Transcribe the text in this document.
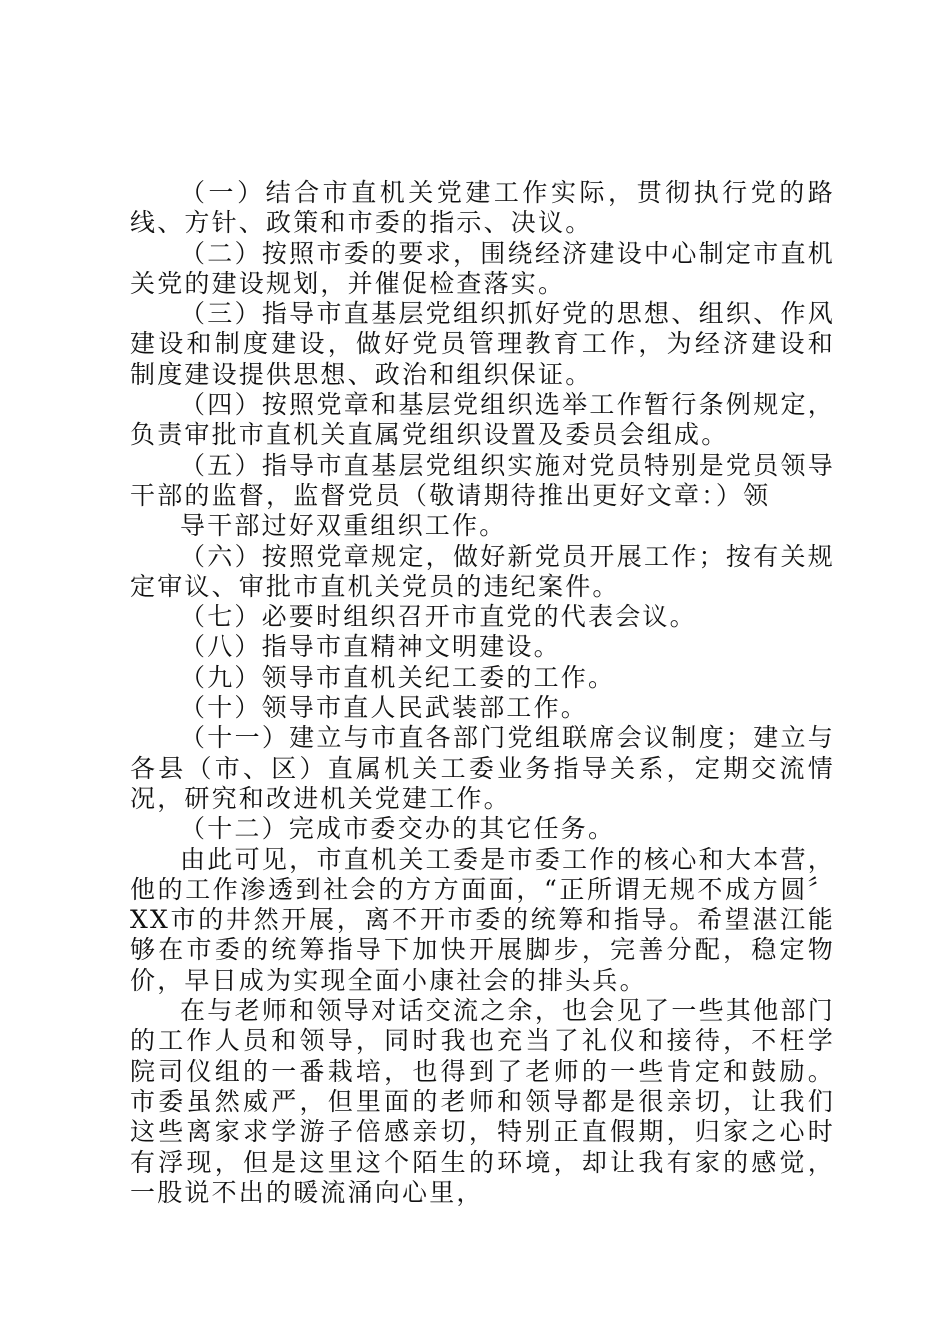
（一）结合市直机关党建工作实际，贯彻执行党的路线、方针、政策和市委的指示、决议。

（二）按照市委的要求，围绕经济建设中心制定市直机关党的建设规划，并催促检查落实。

（三）指导市直基层党组织抓好党的思想、组织、作风建设和制度建设，做好党员管理教育工作，为经济建设和制度建设提供思想、政治和组织保证。

（四）按照党章和基层党组织选举工作暂行条例规定，负责审批市直机关直属党组织设置及委员会组成。

（五）指导市直基层党组织实施对党员特别是党员领导干部的监督，监督党员（敬请期待推出更好文章：）领

导干部过好双重组织工作。

（六）按照党章规定，做好新党员开展工作；按有关规定审议、审批市直机关党员的违纪案件。

（七）必要时组织召开市直党的代表会议。

（八）指导市直精神文明建设。

（九）领导市直机关纪工委的工作。

（十）领导市直人民武装部工作。

（十一）建立与市直各部门党组联席会议制度；建立与各县（市、区）直属机关工委业务指导关系，定期交流情况，研究和改进机关党建工作。

（十二）完成市委交办的其它任务。

由此可见，市直机关工委是市委工作的核心和大本营，他的工作渗透到社会的方方面面，“正所谓无规不成方圆〞XX市的井然开展，离不开市委的统筹和指导。希望湛江能够在市委的统筹指导下加快开展脚步，完善分配，稳定物价，早日成为实现全面小康社会的排头兵。

在与老师和领导对话交流之余，也会见了一些其他部门的工作人员和领导，同时我也充当了礼仪和接待，不枉学院司仪组的一番栽培，也得到了老师的一些肯定和鼓励。市委虽然威严，但里面的老师和领导都是很亲切，让我们这些离家求学游子倍感亲切，特别正直假期，归家之心时有浮现，但是这里这个陌生的环境，却让我有家的感觉，一股说不出的暖流涌向心里，
